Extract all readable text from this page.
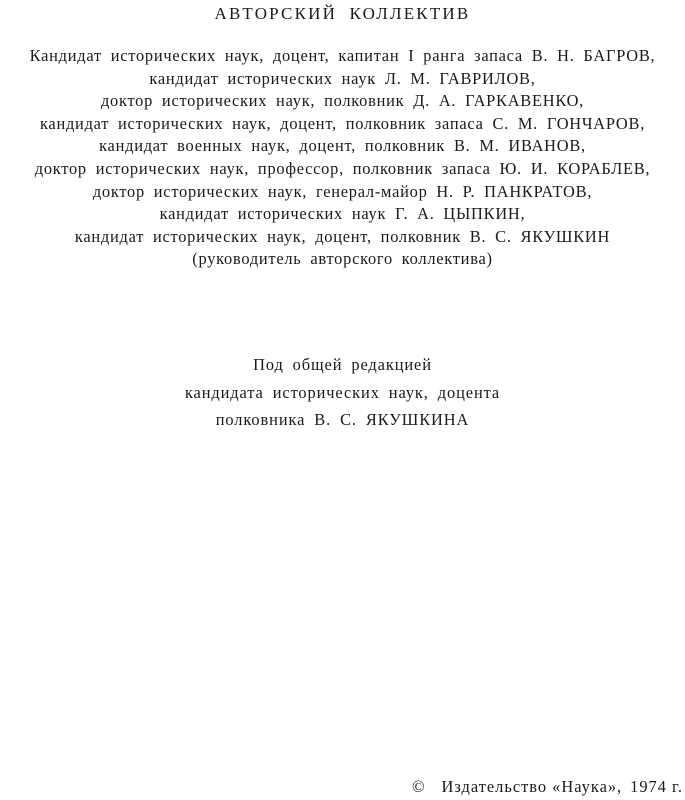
АВТОРСКИЙ КОЛЛЕКТИВ
Кандидат исторических наук, доцент, капитан I ранга запаса В. Н. БАГРОВ,
кандидат исторических наук Л. М. ГАВРИЛОВ,
доктор исторических наук, полковник Д. А. ГАРКАВЕНКО,
кандидат исторических наук, доцент, полковник запаса С. М. ГОНЧАРОВ,
кандидат военных наук, доцент, полковник В. М. ИВАНОВ,
доктор исторических наук, профессор, полковник запаса Ю. И. КОРАБЛЕВ,
доктор исторических наук, генерал-майор Н. Р. ПАНКРАТОВ,
кандидат исторических наук Г. А. ЦЫПКИН,
кандидат исторических наук, доцент, полковник В. С. ЯКУШКИН
(руководитель авторского коллектива)
Под общей редакцией
кандидата исторических наук, доцента
полковника В. С. ЯКУШКИНА
© Издательство «Наука», 1974 г.
